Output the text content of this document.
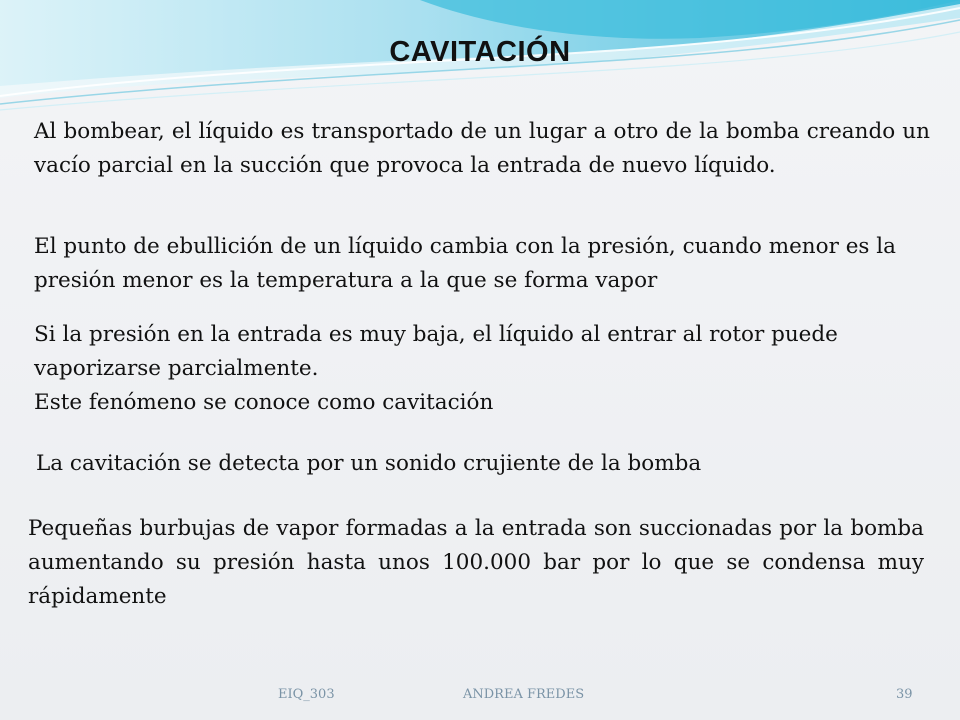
CAVITACIÓN

Al bombear, el líquido es transportado de un lugar a otro de la bomba creando un vacío parcial en la succión que provoca la entrada de nuevo líquido.

El punto de ebullición de un líquido cambia con la presión, cuando menor es la presión menor es la temperatura a la que se forma vapor

Si la presión en la entrada es muy baja, el líquido al entrar al rotor puede vaporizarse parcialmente.

Este fenómeno se conoce como cavitación

La cavitación se detecta por un sonido crujiente de la bomba

Pequeñas burbujas de vapor formadas a la entrada son succionadas por la bomba aumentando su presión hasta unos 100.000 bar por lo que se condensa muy rápidamente

EIQ_303	ANDREA FREDES	39
